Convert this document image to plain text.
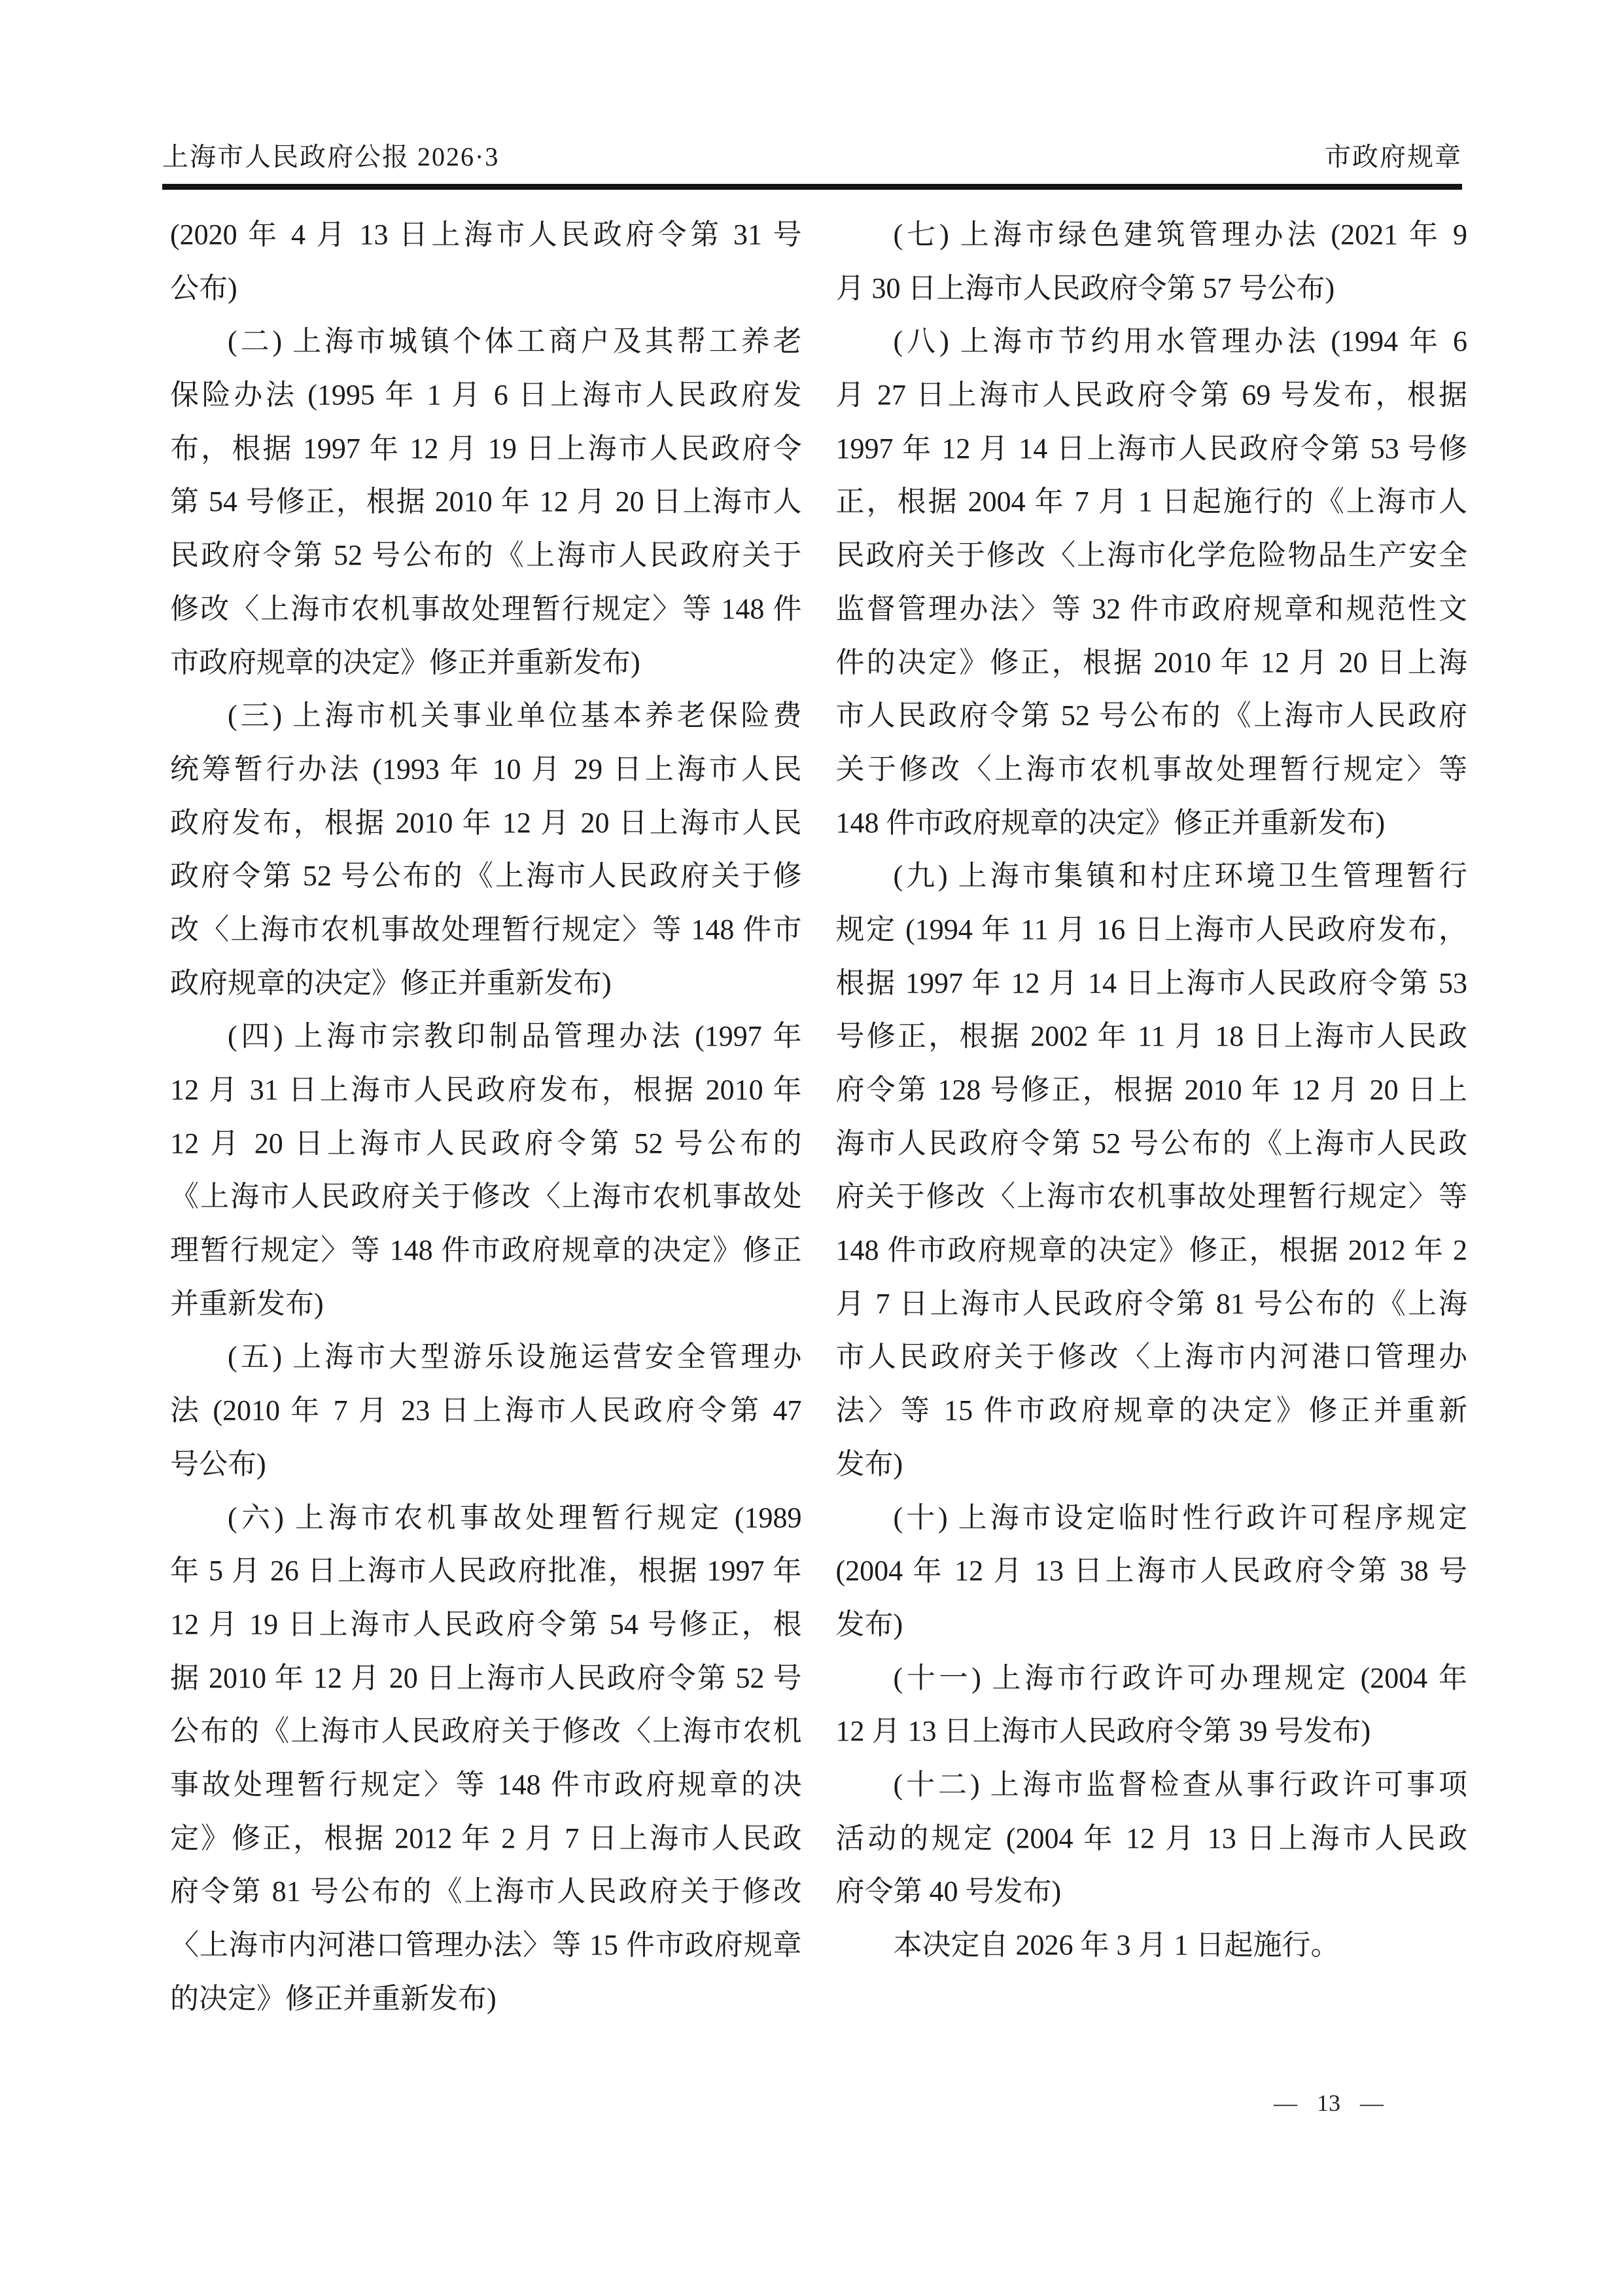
上海市人民政府公报 2026·3	市政府规章
(2020 年 4 月 13 日上海市人民政府令第 31 号
公布)
(二) 上海市城镇个体工商户及其帮工养老
保险办法 (1995 年 1 月 6 日上海市人民政府发
布，根据 1997 年 12 月 19 日上海市人民政府令
第 54 号修正，根据 2010 年 12 月 20 日上海市人
民政府令第 52 号公布的《上海市人民政府关于
修改〈上海市农机事故处理暂行规定〉等 148 件
市政府规章的决定》修正并重新发布)
(三) 上海市机关事业单位基本养老保险费
统筹暂行办法 (1993 年 10 月 29 日上海市人民
政府发布，根据 2010 年 12 月 20 日上海市人民
政府令第 52 号公布的《上海市人民政府关于修
改〈上海市农机事故处理暂行规定〉等 148 件市
政府规章的决定》修正并重新发布)
(四) 上海市宗教印制品管理办法 (1997 年
12 月 31 日上海市人民政府发布，根据 2010 年
12 月 20 日上海市人民政府令第 52 号公布的
《上海市人民政府关于修改〈上海市农机事故处
理暂行规定〉等 148 件市政府规章的决定》修正
并重新发布)
(五) 上海市大型游乐设施运营安全管理办
法 (2010 年 7 月 23 日上海市人民政府令第 47
号公布)
(六) 上海市农机事故处理暂行规定 (1989
年 5 月 26 日上海市人民政府批准，根据 1997 年
12 月 19 日上海市人民政府令第 54 号修正，根
据 2010 年 12 月 20 日上海市人民政府令第 52 号
公布的《上海市人民政府关于修改〈上海市农机
事故处理暂行规定〉等 148 件市政府规章的决
定》修正，根据 2012 年 2 月 7 日上海市人民政
府令第 81 号公布的《上海市人民政府关于修改
〈上海市内河港口管理办法〉等 15 件市政府规章
的决定》修正并重新发布)
(七) 上海市绿色建筑管理办法 (2021 年 9
月 30 日上海市人民政府令第 57 号公布)
(八) 上海市节约用水管理办法 (1994 年 6
月 27 日上海市人民政府令第 69 号发布，根据
1997 年 12 月 14 日上海市人民政府令第 53 号修
正，根据 2004 年 7 月 1 日起施行的《上海市人
民政府关于修改〈上海市化学危险物品生产安全
监督管理办法〉等 32 件市政府规章和规范性文
件的决定》修正，根据 2010 年 12 月 20 日上海
市人民政府令第 52 号公布的《上海市人民政府
关于修改〈上海市农机事故处理暂行规定〉等
148 件市政府规章的决定》修正并重新发布)
(九) 上海市集镇和村庄环境卫生管理暂行
规定 (1994 年 11 月 16 日上海市人民政府发布，
根据 1997 年 12 月 14 日上海市人民政府令第 53
号修正，根据 2002 年 11 月 18 日上海市人民政
府令第 128 号修正，根据 2010 年 12 月 20 日上
海市人民政府令第 52 号公布的《上海市人民政
府关于修改〈上海市农机事故处理暂行规定〉等
148 件市政府规章的决定》修正，根据 2012 年 2
月 7 日上海市人民政府令第 81 号公布的《上海
市人民政府关于修改〈上海市内河港口管理办
法〉等 15 件市政府规章的决定》修正并重新
发布)
(十) 上海市设定临时性行政许可程序规定
(2004 年 12 月 13 日上海市人民政府令第 38 号
发布)
(十一) 上海市行政许可办理规定 (2004 年
12 月 13 日上海市人民政府令第 39 号发布)
(十二) 上海市监督检查从事行政许可事项
活动的规定 (2004 年 12 月 13 日上海市人民政
府令第 40 号发布)
本决定自 2026 年 3 月 1 日起施行。
— 13 —
